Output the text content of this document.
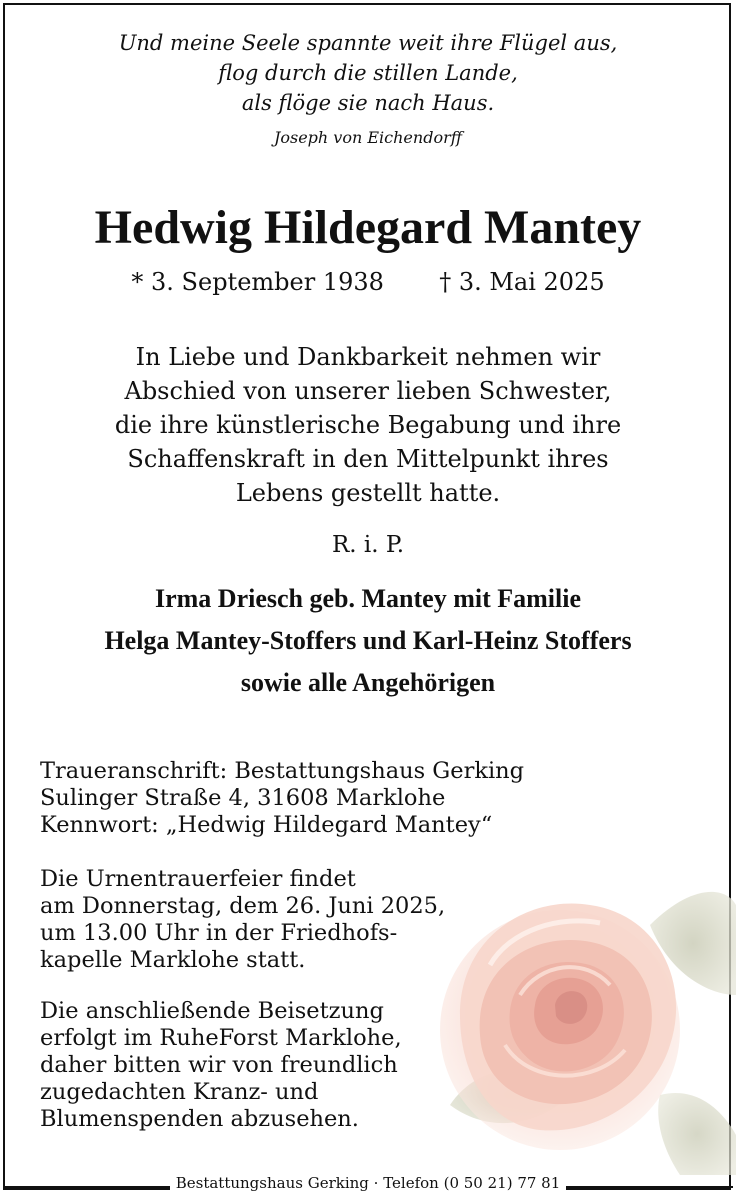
Und meine Seele spannte weit ihre Flügel aus,
flog durch die stillen Lande,
als flöge sie nach Haus.
Joseph von Eichendorff
Hedwig Hildegard Mantey
* 3. September 1938 † 3. Mai 2025
In Liebe und Dankbarkeit nehmen wir
Abschied von unserer lieben Schwester,
die ihre künstlerische Begabung und ihre
Schaffenskraft in den Mittelpunkt ihres
Lebens gestellt hatte.
R. i. P.
Irma Driesch geb. Mantey mit Familie
Helga Mantey-Stoffers und Karl-Heinz Stoffers
sowie alle Angehörigen
Traueranschrift: Bestattungshaus Gerking
Sulinger Straße 4, 31608 Marklohe
Kennwort: „Hedwig Hildegard Mantey“
Die Urnentrauerfeier findet
am Donnerstag, dem 26. Juni 2025,
um 13.00 Uhr in der Friedhofs-
kapelle Marklohe statt.
Die anschließende Beisetzung
erfolgt im RuheForst Marklohe,
daher bitten wir von freundlich
zugedachten Kranz- und
Blumenspenden abzusehen.
Bestattungshaus Gerking · Telefon (0 50 21) 77 81
